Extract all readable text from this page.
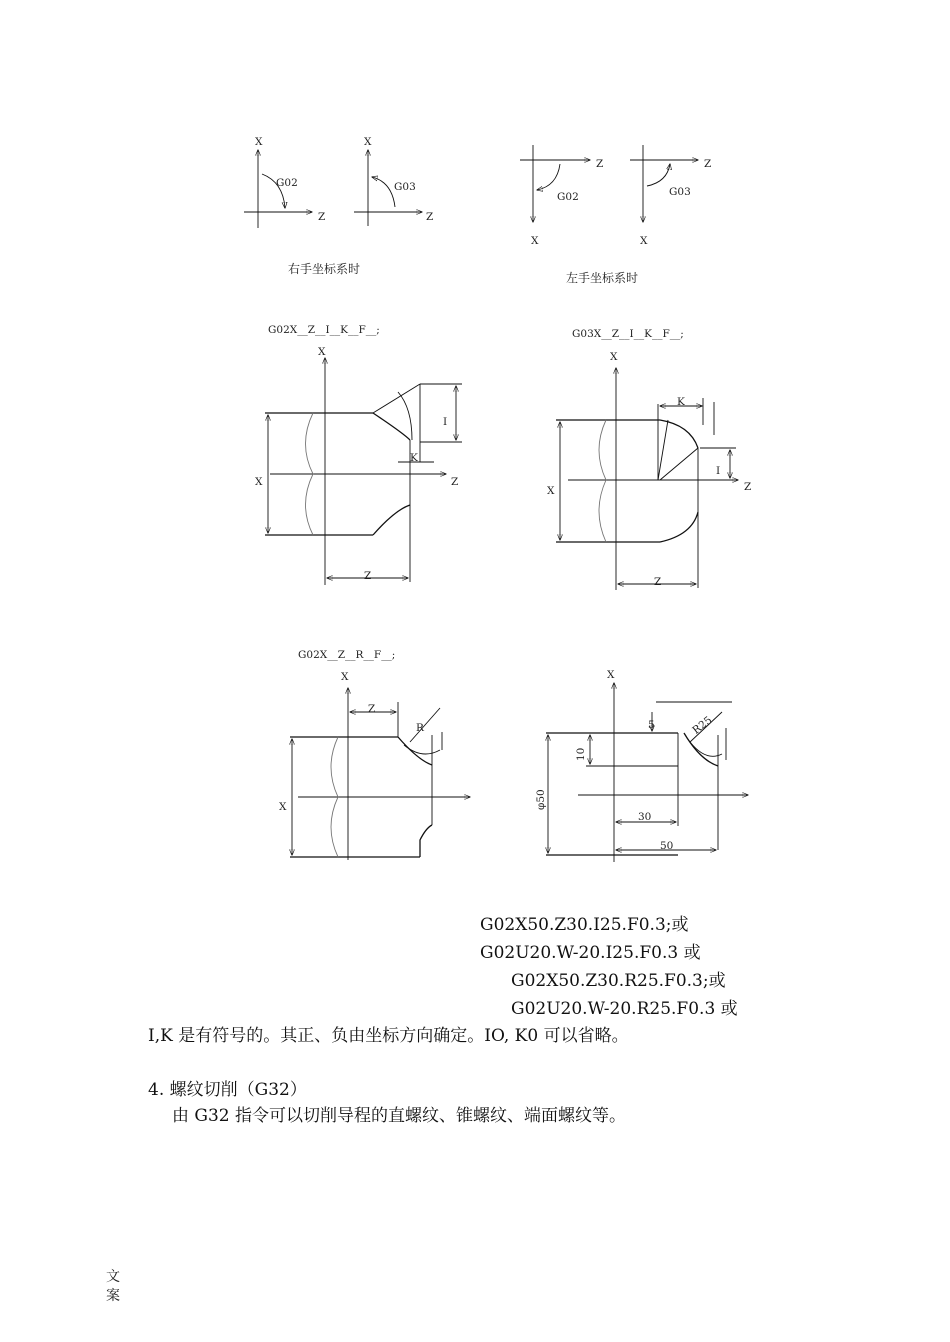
X
Z
G02
X
Z
G03
右手坐标系时
X
Z
G02
X
Z
G03
左手坐标系时
G02X__Z__I__K__F__;
X
Z
I
K
X
Z
G03X__Z__I__K__F__;
X
Z
K
I
X
Z
G02X__Z__R__F__;
X
R
Z
X
X
5	R25
10
φ50
30
50
G02X50.Z30.I25.F0.3;或
G02U20.W-20.I25.F0.3 或
G02X50.Z30.R25.F0.3;或
G02U20.W-20.R25.F0.3 或
I,K 是有符号的。其正、负由坐标方向确定。IO, K0 可以省略。
4. 螺纹切削（G32）
由 G32 指令可以切削导程的直螺纹、锥螺纹、端面螺纹等。
文
案
